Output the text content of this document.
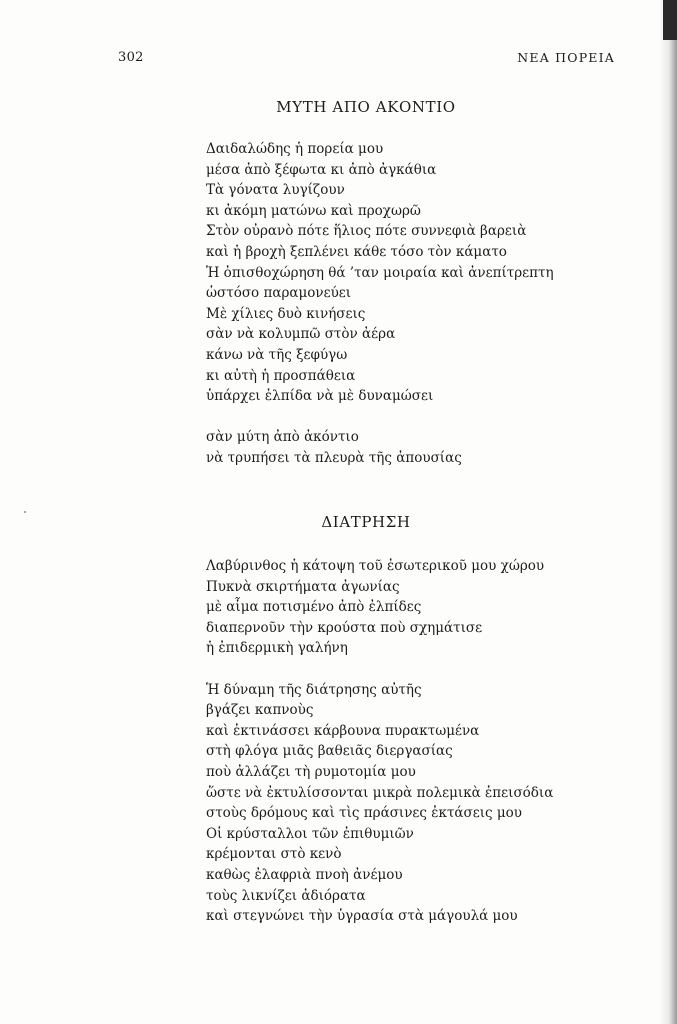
302	ΝΕΑ ΠΟΡΕΙΑ
ΜΥΤΗ ΑΠΟ ΑΚΟΝΤΙΟ
Δαιδαλώδης ἡ πορεία μου
μέσα ἀπὸ ξέφωτα κι ἀπὸ ἀγκάθια
Τὰ γόνατα λυγίζουν
κι ἀκόμη ματώνω καὶ προχωρῶ
Στὸν οὐρανὸ πότε ἥλιος πότε συννεφιὰ βαρειὰ
καὶ ἡ βροχὴ ξεπλένει κάθε τόσο τὸν κάματο
Ἡ ὀπισθοχώρηση θά ’ταν μοιραία καὶ ἀνεπίτρεπτη
ὡστόσο παραμονεύει
Μὲ χίλιες δυὸ κινήσεις
σὰν νὰ κολυμπῶ στὸν ἀέρα
κάνω νὰ τῆς ξεφύγω
κι αὐτὴ ἡ προσπάθεια
ὑπάρχει ἐλπίδα νὰ μὲ δυναμώσει
σὰν μύτη ἀπὸ ἀκόντιο
νὰ τρυπήσει τὰ πλευρὰ τῆς ἀπουσίας
ΔΙΑΤΡΗΣΗ
Λαβύρινθος ἡ κάτοψη τοῦ ἐσωτερικοῦ μου χώρου
Πυκνὰ σκιρτήματα ἀγωνίας
μὲ αἷμα ποτισμένο ἀπὸ ἐλπίδες
διαπερνοῦν τὴν κρούστα ποὺ σχημάτισε
ἡ ἐπιδερμικὴ γαλήνη
Ἡ δύναμη τῆς διάτρησης αὐτῆς
βγάζει καπνοὺς
καὶ ἐκτινάσσει κάρβουνα πυρακτωμένα
στὴ φλόγα μιᾶς βαθειᾶς διεργασίας
ποὺ ἀλλάζει τὴ ρυμοτομία μου
ὥστε νὰ ἐκτυλίσσονται μικρὰ πολεμικὰ ἐπεισόδια
στοὺς δρόμους καὶ τὶς πράσινες ἐκτάσεις μου
Οἱ κρύσταλλοι τῶν ἐπιθυμιῶν
κρέμονται στὸ κενὸ
καθὼς ἐλαφριὰ πνοὴ ἀνέμου
τοὺς λικνίζει ἀδιόρατα
καὶ στεγνώνει τὴν ὑγρασία στὰ μάγουλά μου
